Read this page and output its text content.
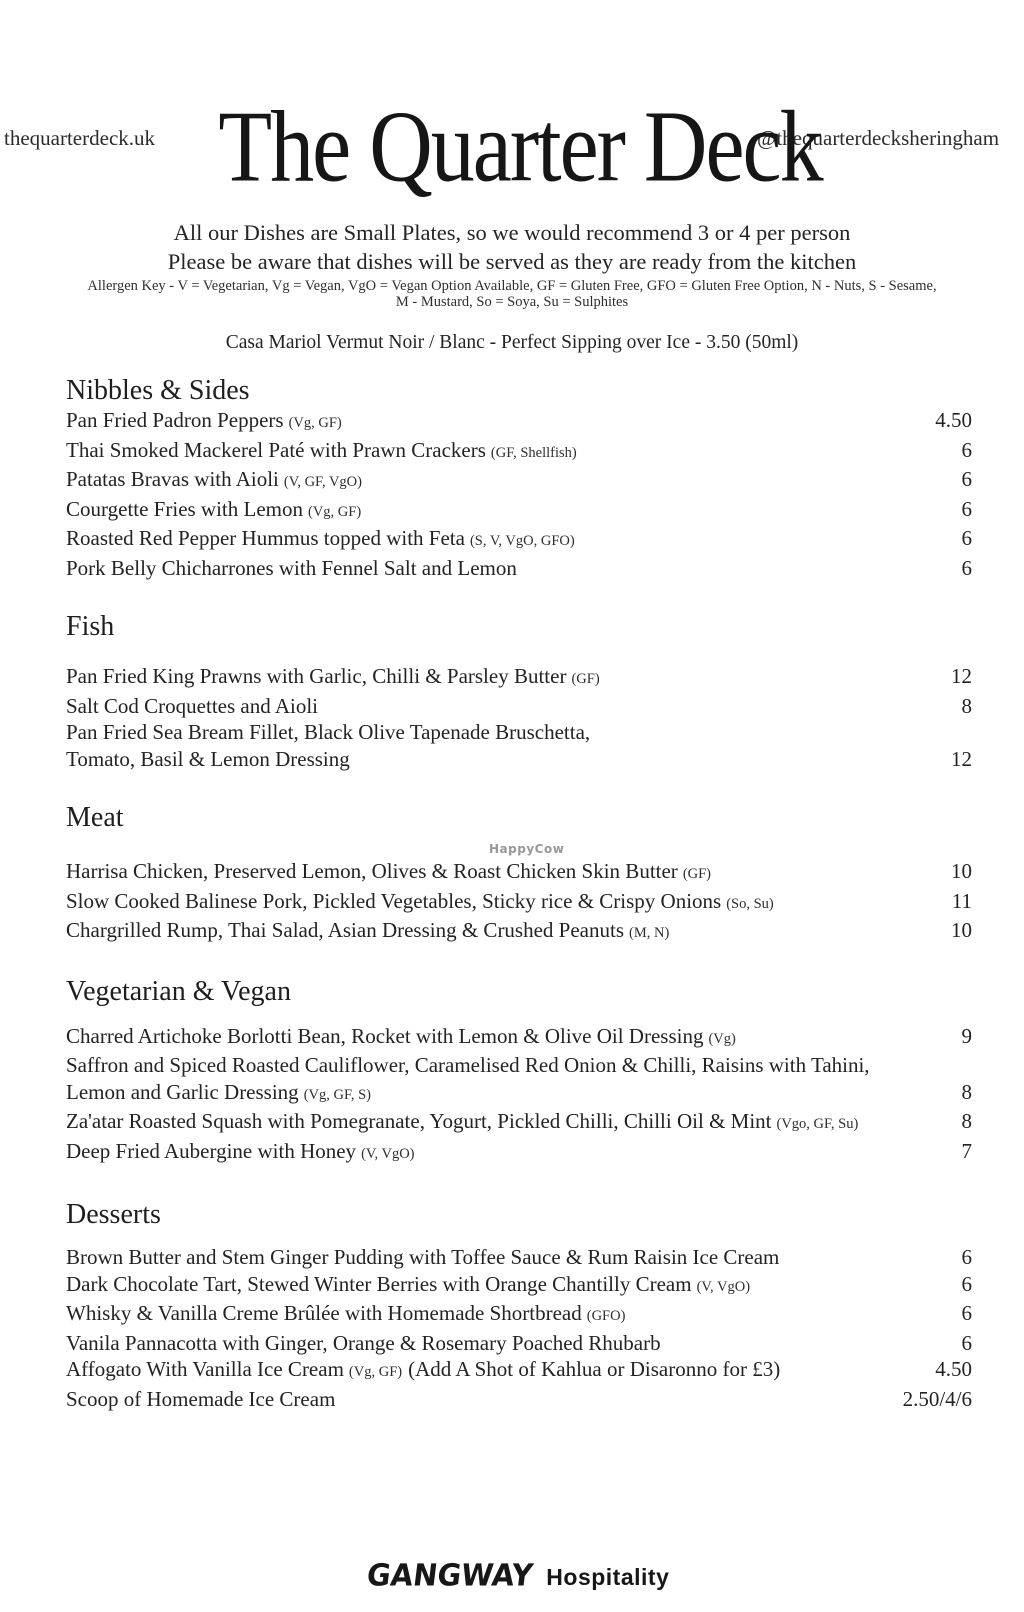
thequarterdeck.uk	@thequarterdecksheringham
The Quarter Deck
All our Dishes are Small Plates, so we would recommend 3 or 4 per person
Please be aware that dishes will be served as they are ready from the kitchen
Allergen Key - V = Vegetarian, Vg = Vegan, VgO = Vegan Option Available, GF = Gluten Free, GFO = Gluten Free Option, N - Nuts, S - Sesame,
M - Mustard, So = Soya, Su = Sulphites
Casa Mariol Vermut Noir / Blanc - Perfect Sipping over Ice - 3.50 (50ml)
Nibbles & Sides
Pan Fried Padron Peppers (Vg, GF)	4.50
Thai Smoked Mackerel Paté with Prawn Crackers (GF, Shellfish)	6
Patatas Bravas with Aioli (V, GF, VgO)	6
Courgette Fries with Lemon (Vg, GF)	6
Roasted Red Pepper Hummus topped with Feta (S, V, VgO, GFO)	6
Pork Belly Chicharrones with Fennel Salt and Lemon	6
Fish
Pan Fried King Prawns with Garlic, Chilli & Parsley Butter (GF)	12
Salt Cod Croquettes and Aioli	8
Pan Fried Sea Bream Fillet, Black Olive Tapenade Bruschetta,
Tomato, Basil & Lemon Dressing	12
Meat
Harrisa Chicken, Preserved Lemon, Olives & Roast Chicken Skin Butter (GF)	10
Slow Cooked Balinese Pork, Pickled Vegetables, Sticky rice & Crispy Onions (So, Su)	11
Chargrilled Rump, Thai Salad, Asian Dressing & Crushed Peanuts (M, N)	10
Vegetarian & Vegan
Charred Artichoke Borlotti Bean, Rocket with Lemon & Olive Oil Dressing (Vg)	9
Saffron and Spiced Roasted Cauliflower, Caramelised Red Onion & Chilli, Raisins with Tahini,
Lemon and Garlic Dressing (Vg, GF, S)	8
Za'atar Roasted Squash with Pomegranate, Yogurt, Pickled Chilli, Chilli Oil & Mint (Vgo, GF, Su)	8
Deep Fried Aubergine with Honey (V, VgO)	7
Desserts
Brown Butter and Stem Ginger Pudding with Toffee Sauce & Rum Raisin Ice Cream	6
Dark Chocolate Tart, Stewed Winter Berries with Orange Chantilly Cream (V, VgO)	6
Whisky & Vanilla Creme Brûlée with Homemade Shortbread (GFO)	6
Vanila Pannacotta with Ginger, Orange & Rosemary Poached Rhubarb	6
Affogato With Vanilla Ice Cream (Vg, GF) (Add A Shot of Kahlua or Disaronno for £3)	4.50
Scoop of Homemade Ice Cream	2.50/4/6
HappyCow
GANGWAY Hospitality
